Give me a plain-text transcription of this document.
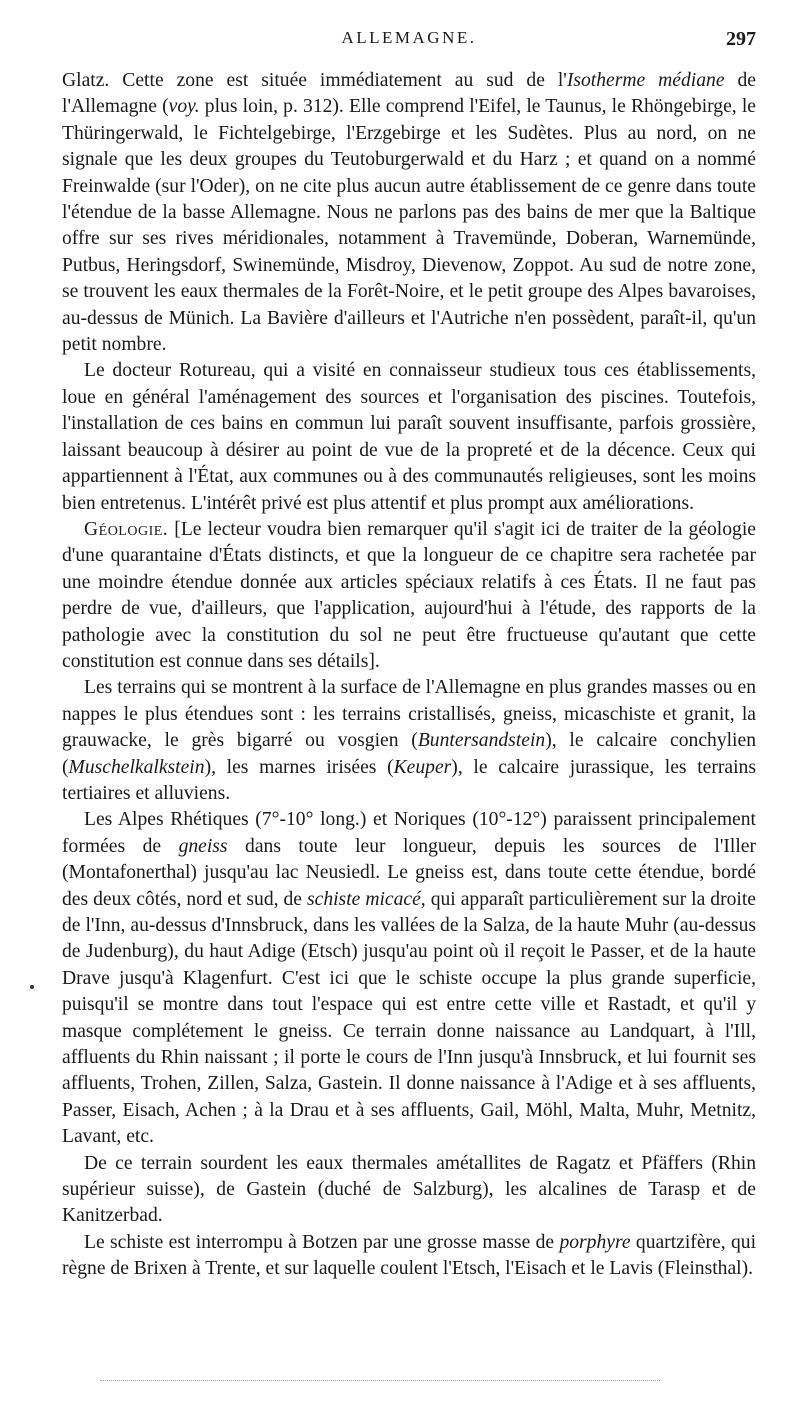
ALLEMAGNE.	297

Glatz. Cette zone est située immédiatement au sud de l'Isotherme médiane de l'Allemagne (voy. plus loin, p. 312). Elle comprend l'Eifel, le Taunus, le Rhöngebirge, le Thüringerwald, le Fichtelgebirge, l'Erzgebirge et les Sudètes. Plus au nord, on ne signale que les deux groupes du Teutoburgerwald et du Harz ; et quand on a nommé Freinwalde (sur l'Oder), on ne cite plus aucun autre établissement de ce genre dans toute l'étendue de la basse Allemagne. Nous ne parlons pas des bains de mer que la Baltique offre sur ses rives méridionales, notamment à Travemünde, Doberan, Warnemünde, Putbus, Heringsdorf, Swinemünde, Misdroy, Dievenow, Zoppot. Au sud de notre zone, se trouvent les eaux thermales de la Forêt-Noire, et le petit groupe des Alpes bavaroises, au-dessus de Münich. La Bavière d'ailleurs et l'Autriche n'en possèdent, paraît-il, qu'un petit nombre.

Le docteur Rotureau, qui a visité en connaisseur studieux tous ces établissements, loue en général l'aménagement des sources et l'organisation des piscines. Toutefois, l'installation de ces bains en commun lui paraît souvent insuffisante, parfois grossière, laissant beaucoup à désirer au point de vue de la propreté et de la décence. Ceux qui appartiennent à l'État, aux communes ou à des communautés religieuses, sont les moins bien entretenus. L'intérêt privé est plus attentif et plus prompt aux améliorations.

Géologie. [Le lecteur voudra bien remarquer qu'il s'agit ici de traiter de la géologie d'une quarantaine d'États distincts, et que la longueur de ce chapitre sera rachetée par une moindre étendue donnée aux articles spéciaux relatifs à ces États. Il ne faut pas perdre de vue, d'ailleurs, que l'application, aujourd'hui à l'étude, des rapports de la pathologie avec la constitution du sol ne peut être fructueuse qu'autant que cette constitution est connue dans ses détails].

Les terrains qui se montrent à la surface de l'Allemagne en plus grandes masses ou en nappes le plus étendues sont : les terrains cristallisés, gneiss, micaschiste et granit, la grauwacke, le grès bigarré ou vosgien (Buntersandstein), le calcaire conchylien (Muschelkalkstein), les marnes irisées (Keuper), le calcaire jurassique, les terrains tertiaires et alluviens.

Les Alpes Rhétiques (7°-10° long.) et Noriques (10°-12°) paraissent principalement formées de gneiss dans toute leur longueur, depuis les sources de l'Iller (Montafonerthal) jusqu'au lac Neusiedl. Le gneiss est, dans toute cette étendue, bordé des deux côtés, nord et sud, de schiste micacé, qui apparaît particulièrement sur la droite de l'Inn, au-dessus d'Innsbruck, dans les vallées de la Salza, de la haute Muhr (au-dessus de Judenburg), du haut Adige (Etsch) jusqu'au point où il reçoit le Passer, et de la haute Drave jusqu'à Klagenfurt. C'est ici que le schiste occupe la plus grande superficie, puisqu'il se montre dans tout l'espace qui est entre cette ville et Rastadt, et qu'il y masque complétement le gneiss. Ce terrain donne naissance au Landquart, à l'Ill, affluents du Rhin naissant ; il porte le cours de l'Inn jusqu'à Innsbruck, et lui fournit ses affluents, Trohen, Zillen, Salza, Gastein. Il donne naissance à l'Adige et à ses affluents, Passer, Eisach, Achen ; à la Drau et à ses affluents, Gail, Möhl, Malta, Muhr, Metnitz, Lavant, etc.

De ce terrain sourdent les eaux thermales amétallites de Ragatz et Pfäffers (Rhin supérieur suisse), de Gastein (duché de Salzburg), les alcalines de Tarasp et de Kanitzerbad.

Le schiste est interrompu à Botzen par une grosse masse de porphyre quartzifère, qui règne de Brixen à Trente, et sur laquelle coulent l'Etsch, l'Eisach et le Lavis (Fleinsthal).
